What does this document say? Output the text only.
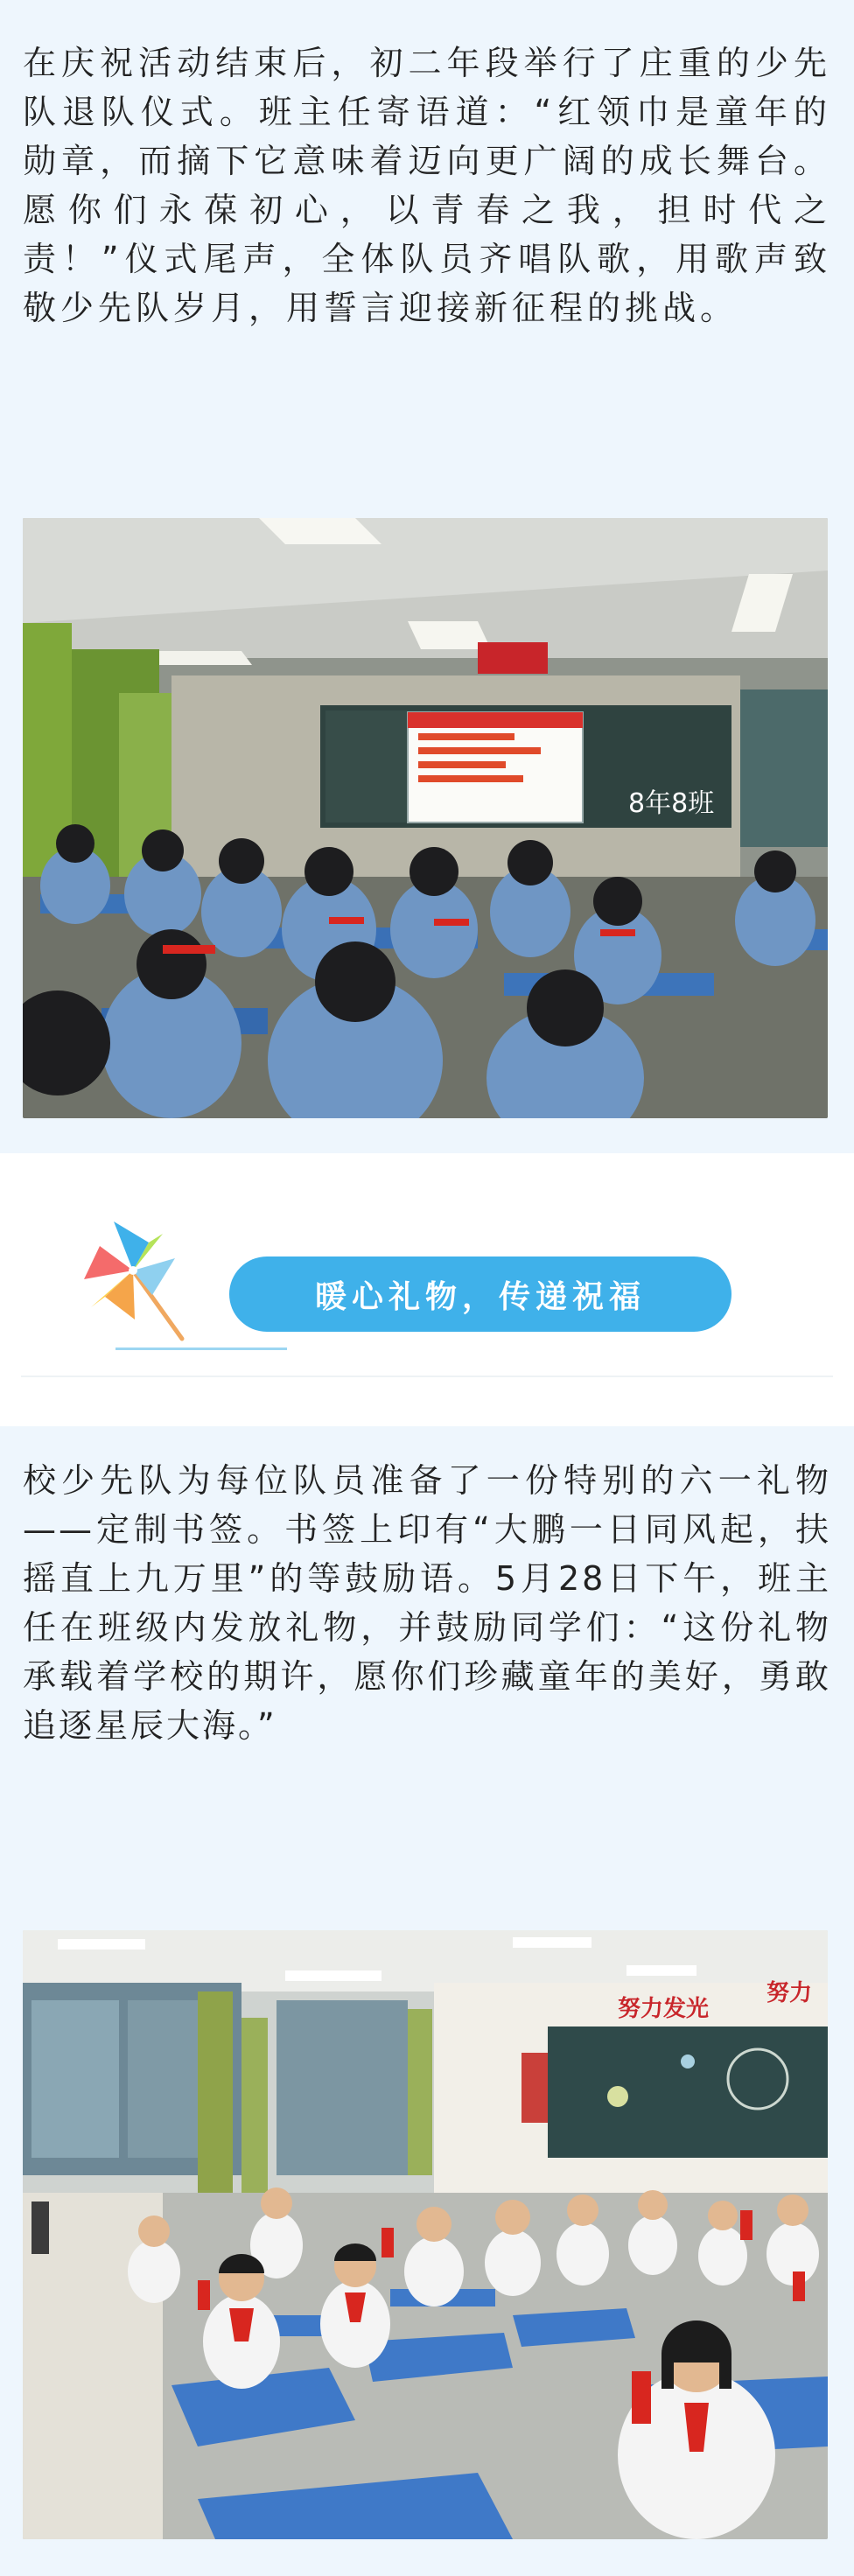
在庆祝活动结束后，初二年段举行了庄重的少先队退队仪式。班主任寄语道：“红领巾是童年的勋章，而摘下它意味着迈向更广阔的成长舞台。愿你们永葆初心，以青春之我，担时代之责！”仪式尾声，全体队员齐唱队歌，用歌声致敬少先队岁月，用誓言迎接新征程的挑战。

8年8班
暖心礼物，传递祝福

校少先队为每位队员准备了一份特别的六一礼物——定制书签。书签上印有“大鹏一日同风起，扶摇直上九万里”的等鼓励语。5月28日下午，班主任在班级内发放礼物，并鼓励同学们：“这份礼物承载着学校的期许，愿你们珍藏童年的美好，勇敢追逐星辰大海。”

努力发光
努力
